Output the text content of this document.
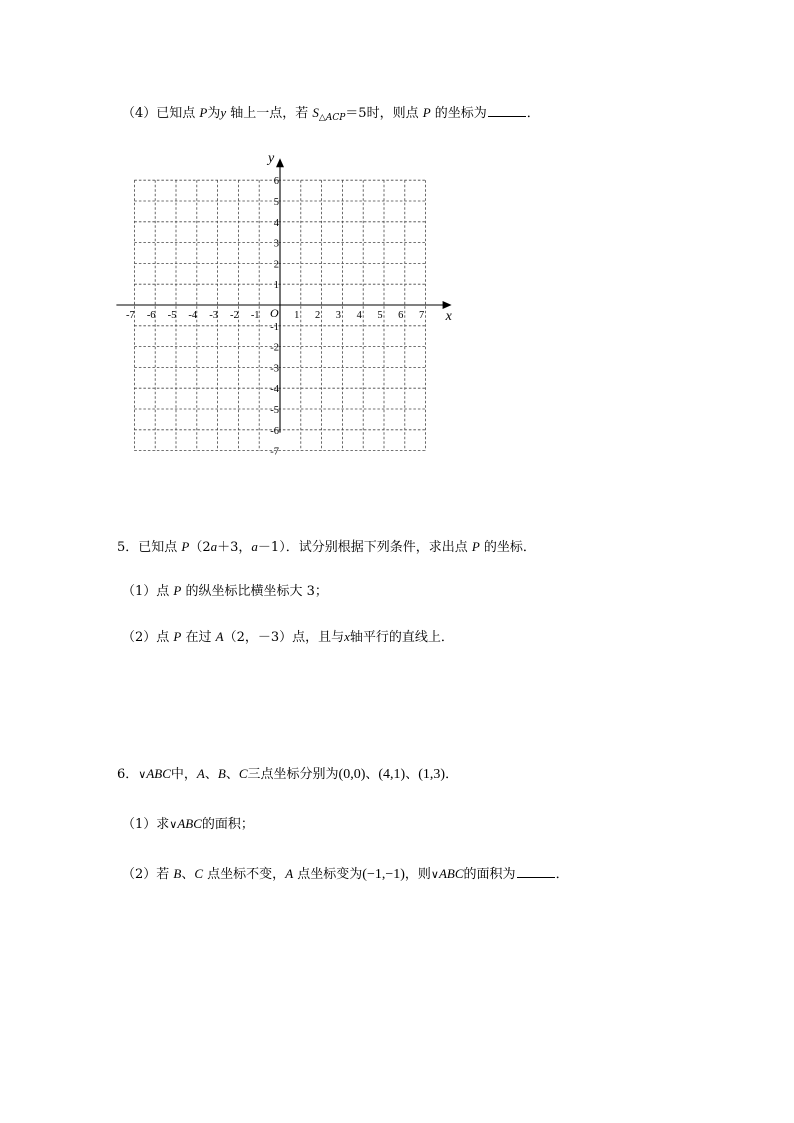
（4）已知点 P为y 轴上一点，若 $S_{\triangle ACP}=5$时，则点 P 的坐标为	．
-7 -6 -5 -4 -3 -2 -1	1 2 3 4 5 6 7
6
5
4
3
2
1
-1
-2
-3
-4
-5
-6
-7
x
y
O
5．已知点 P（2a＋3，a－1）．试分别根据下列条件，求出点 P 的坐标．
（1）点 P 的纵坐标比横坐标大 3；
（2）点 P 在过 A（2，－3）点，且与x轴平行的直线上．
6．∨ABC中，A、B、C三点坐标分别为(0,0)、(4,1)、(1,3)．
（1）求∨ABC的面积；
（2）若 B、C 点坐标不变，A 点坐标变为(−1,−1)，则∨ABC的面积为	．
